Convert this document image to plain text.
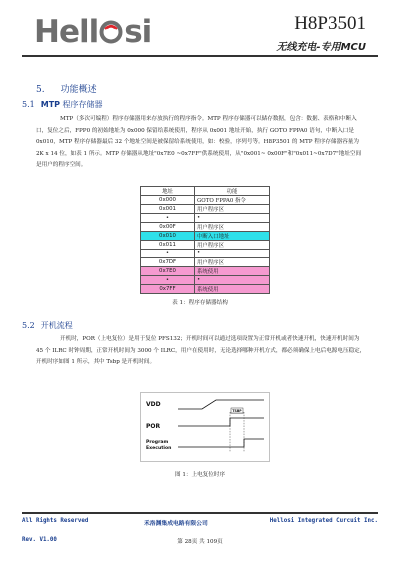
Hell si	H8P3501
无线充电-专用MCU
5. 功能概述
5.1 MTP 程序存储器

MTP（多次可编程）程序存储器用来存放执行的程序指令。MTP 程序存储器可以储存数据，包含：数据、表格和中断入口，复位之后，FPP0 的初始地址为 0x000 保留给系统使用，程序从 0x001 地址开始，执行 GOTO FPPA0 语句，中断入口是 0x010，MTP 程序存储器最后 32 个地址空间是被保留给系统使用，如：校验，序列号等。H8P3501 的 MTP 程序存储器容量为 2K x 14 位，如表 1 所示。MTP 存储器从地址"0x7E0 ~0x7FF"供系统使用，从"0x001~ 0x00F"和"0x011~0x7D7"地址空间是用户的程序空间。

地址	功能
0x000	GOTO FPPA0 指令
0x001	用户程序区
•	•
0x00F	用户程序区
0x010	中断入口地址
0x011	用户程序区
•	•
0x7DF	用户程序区
0x7E0	系统使用
•	•
0x7FF	系统使用
表 1：程序存储器结构
5.2 开机流程

开机时，POR（上电复位）是用于复位 PFS132；开机时间可以通过选项设置为正常开机或者快速开机，快速开机时间为 45 个 ILRC 时钟周期，正常开机时间为 3000 个 ILRC，用户在使用时，无论选择哪种开机方式，都必须确保上电后电源电压稳定，开机时序如图 1 所示，其中 Tsbp 是开机时间。

VDD
POR
Program
Execution
TSBP
图 1：上电复位时序
All Rights Reserved	禾洛渊集成电路有限公司	Hellosi Integrated Curcuit Inc.
Rev. V1.00	第 28页 共 109页
